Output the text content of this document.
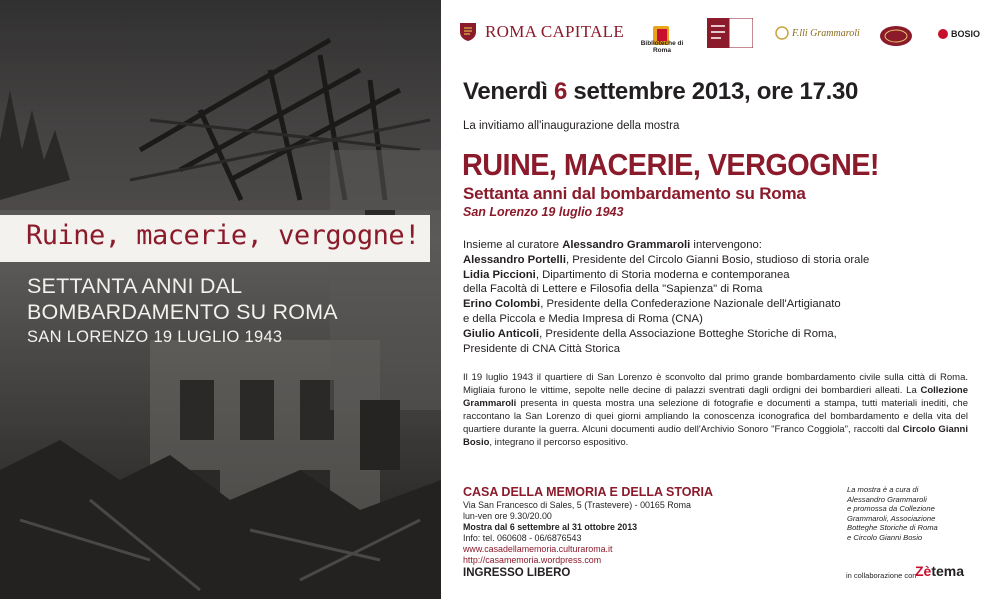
Ruine, macerie, vergogne!
SETTANTA ANNI DAL
BOMBARDAMENTO SU ROMA
SAN LORENZO 19 LUGLIO 1943
ROMA CAPITALE
Biblioteche di Roma
F.lli Grammaroli	BOSIO
Venerdì 6 settembre 2013, ore 17.30
La invitiamo all'inaugurazione della mostra
RUINE, MACERIE, VERGOGNE!
Settanta anni dal bombardamento su Roma
San Lorenzo 19 luglio 1943
Insieme al curatore Alessandro Grammaroli intervengono:
Alessandro Portelli, Presidente del Circolo Gianni Bosio, studioso di storia orale
Lidia Piccioni, Dipartimento di Storia moderna e contemporanea
della Facoltà di Lettere e Filosofia della "Sapienza" di Roma
Erino Colombi, Presidente della Confederazione Nazionale dell'Artigianato
e della Piccola e Media Impresa di Roma (CNA)
Giulio Anticoli, Presidente della Associazione Botteghe Storiche di Roma,
Presidente di CNA Città Storica
Il 19 luglio 1943 il quartiere di San Lorenzo è sconvolto dal primo grande bombardamento civile sulla città di Roma. Migliaia furono le vittime, sepolte nelle decine di palazzi sventrati dagli ordigni dei bombardieri alleati. La Collezione Grammaroli presenta in questa mostra una selezione di fotografie e documenti a stampa, tutti materiali inediti, che raccontano la San Lorenzo di quei giorni ampliando la conoscenza iconografica del bombardamento e della vita del quartiere durante la guerra. Alcuni documenti audio dell'Archivio Sonoro "Franco Coggiola", raccolti dal Circolo Gianni Bosio, integrano il percorso espositivo.
CASA DELLA MEMORIA E DELLA STORIA
Via San Francesco di Sales, 5 (Trastevere) - 00165 Roma
lun-ven ore 9.30/20.00
Mostra dal 6 settembre al 31 ottobre 2013
Info: tel. 060608 - 06/6876543
www.casadellamemoria.culturaroma.it
http://casamemoria.wordpress.com
INGRESSO LIBERO
La mostra è a cura di
Alessandro Grammaroli
e promossa da Collezione
Grammaroli, Associazione
Botteghe Storiche di Roma
e Circolo Gianni Bosio
in collaborazione con
Zètema
